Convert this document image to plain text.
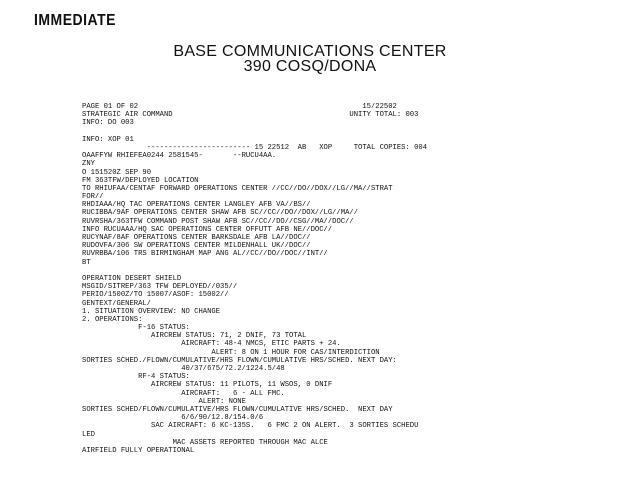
IMMEDIATE
BASE COMMUNICATIONS CENTER
390 COSQ/DONA
PAGE 01 OF 02                                                    15/22502
STRATEGIC AIR COMMAND                                         UNITY TOTAL: 003
INFO: DO 003
INFO: XOP 01
------------------------ 15 22512  AB   XOP     TOTAL COPIES: 004
OAAFFYW RHIEFEA0244 2581545-       --RUCU4AA.
ZNY
O 151520Z SEP 90
FM 363TFW/DEPLOYED LOCATION
TO RHIUFAA/CENTAF FORWARD OPERATIONS CENTER //CC//DO//DOX//LG//MA//STRAT
FOR//
RHDIAAA/HQ TAC OPERATIONS CENTER LANGLEY AFB VA//BS//
RUCIBBA/9AF OPERATIONS CENTER SHAW AFB SC//CC//DO//DOX//LG//MA//
RUVRSHA/363TFW COMMAND POST SHAW AFB SC//CC//DO//CSG//MA//DOC//
INFO RUCUAAA/HQ SAC OPERATIONS CENTER OFFUTT AFB NE//DOC//
RUCYNAF/8AF OPERATIONS CENTER BARKSDALE AFB LA//DOC//
RUDOVFA/306 SW OPERATIONS CENTER MILDENHALL UK//DOC//
RUVRBBA/106 TRS BIRMINGHAM MAP ANG AL//CC//DO//DOC//INT//
BT
OPERATION DESERT SHIELD
MSGID/SITREP/363 TFW DEPLOYED//035//
PERIO/1500Z/TO 15007/ASOF: 15002//
GENTEXT/GENERAL/
1. SITUATION OVERVIEW: NO CHANGE
2. OPERATIONS:
F-16 STATUS:
AIRCREW STATUS: 71, 2 DNIF, 73 TOTAL
AIRCRAFT: 48-4 NMCS, ETIC PARTS + 24.
ALERT: 8 ON 1 HOUR FOR CAS/INTERDICTION
SORTIES SCHED./FLOWN/CUMULATIVE/HRS FLOWN/CUMULATIVE HRS/SCHED. NEXT DAY:
40/37/675/72.2/1224.5/48
RF-4 STATUS:
AIRCREW STATUS: 11 PILOTS, 11 WSOS, 0 DNIF
AIRCRAFT:   6 - ALL FMC.
ALERT: NONE
SORTIES SCHED/FLOWN/CUMULATIVE/HRS FLOWN/CUMULATIVE HRS/SCHED.  NEXT DAY
6/6/90/12.8/154.0/6
SAC AIRCRAFT: 6 KC-135S.   6 FMC 2 ON ALERT.  3 SORTIES SCHEDU
LED
MAC ASSETS REPORTED THROUGH MAC ALCE
AIRFIELD FULLY OPERATIONAL
